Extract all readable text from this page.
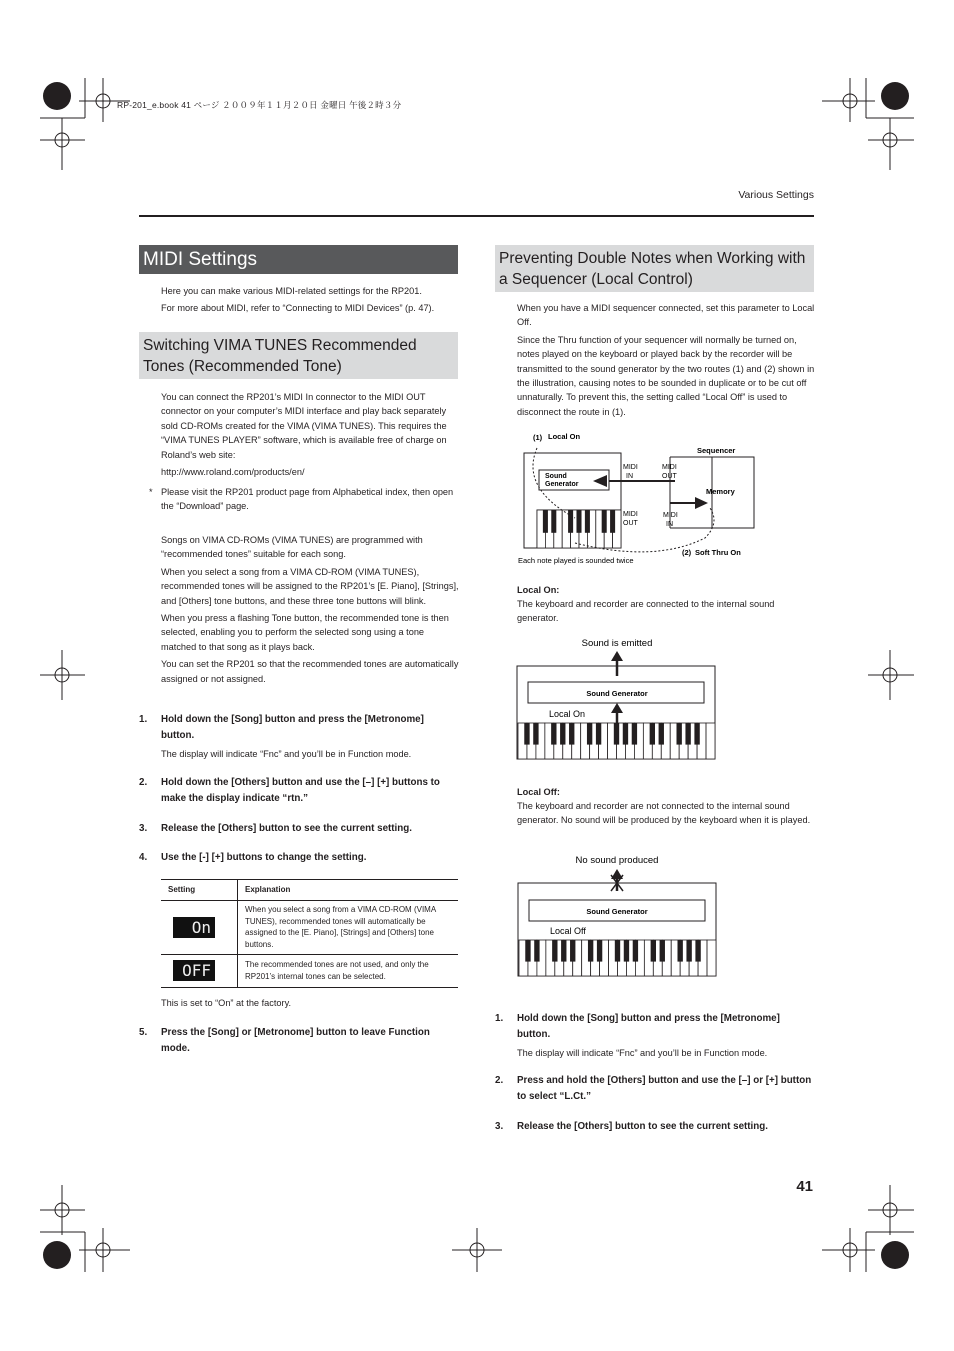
RP-201_e.book 41 ページ ２００９年１１月２０日 金曜日 午後２時３分
Various Settings
MIDI Settings

Here you can make various MIDI-related settings for the RP201.

For more about MIDI, refer to “Connecting to MIDI Devices” (p. 47).

Switching VIMA TUNES Recommended Tones (Recommended Tone)

You can connect the RP201’s MIDI In connector to the MIDI OUT connector on your computer’s MIDI interface and play back separately sold CD-ROMs created for the VIMA (VIMA TUNES). This requires the “VIMA TUNES PLAYER” software, which is available free of charge on Roland’s web site:

http://www.roland.com/products/en/

* Please visit the RP201 product page from Alphabetical index, then open the “Download” page.

Songs on VIMA CD-ROMs (VIMA TUNES) are programmed with “recommended tones” suitable for each song.

When you select a song from a VIMA CD-ROM (VIMA TUNES), recommended tones will be assigned to the RP201’s [E. Piano], [Strings], and [Others] tone buttons, and these three tone buttons will blink.

When you press a flashing Tone button, the recommended tone is then selected, enabling you to perform the selected song using a tone matched to that song as it plays back.

You can set the RP201 so that the recommended tones are automatically assigned or not assigned.

1. Hold down the [Song] button and press the [Metronome] button.
The display will indicate “Fnc” and you’ll be in Function mode.
2. Hold down the [Others] button and use the [–] [+] buttons to make the display indicate “rtn.”
3. Release the [Others] button to see the current setting.
4. Use the [-] [+] buttons to change the setting.
Setting	Explanation

On	When you select a song from a VIMA CD-ROM (VIMA TUNES), recommended tones will automatically be assigned to the [E. Piano], [Strings] and [Others] tone buttons.

OFF	The recommended tones are not used, and only the RP201’s internal tones can be selected.
This is set to “On” at the factory.
5. Press the [Song] or [Metronome] button to leave Function mode.
Preventing Double Notes when Working with a Sequencer (Local Control)

When you have a MIDI sequencer connected, set this parameter to Local Off.

Since the Thru function of your sequencer will normally be turned on, notes played on the keyboard or played back by the recorder will be transmitted to the sound generator by the two routes (1) and (2) shown in the illustration, causing notes to be sounded in duplicate or to be cut off unnaturally. To prevent this, the setting called “Local Off” is used to disconnect the route in (1).

(1) Local On
Sequencer
Memory
Sound
Generator
MIDI
IN
MIDI
OUT
MIDI
OUT
MIDI
IN
(2) Soft Thru On
Each note played is sounded twice
Local On:
The keyboard and recorder are connected to the internal sound generator.
Sound is emitted
Sound Generator
Local On
Local Off:
The keyboard and recorder are not connected to the internal sound generator. No sound will be produced by the keyboard when it is played.
No sound produced
Sound Generator
Local Off
1. Hold down the [Song] button and press the [Metronome] button.
The display will indicate “Fnc” and you’ll be in Function mode.
2. Press and hold the [Others] button and use the [–] or [+] button to select “L.Ct.”
3. Release the [Others] button to see the current setting.
41
